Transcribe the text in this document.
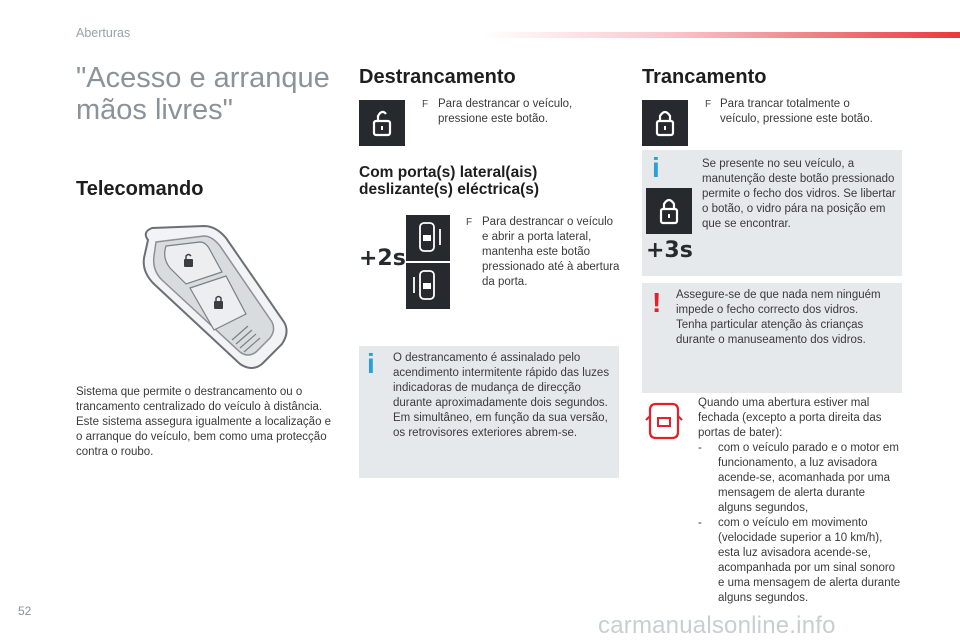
Aberturas
"Acesso e arranque mãos livres"
Telecomando
Sistema que permite o destrancamento ou o trancamento centralizado do veículo à distância.
Este sistema assegura igualmente a localização e o arranque do veículo, bem como uma protecção contra o roubo.
Destrancamento
F Para destrancar o veículo, pressione este botão.
Com porta(s) lateral(ais) deslizante(s) eléctrica(s)
+2s
F Para destrancar o veículo e abrir a porta lateral, mantenha este botão pressionado até à abertura da porta.
i O destrancamento é assinalado pelo acendimento intermitente rápido das luzes indicadoras de mudança de direcção durante aproximadamente dois segundos.
Em simultâneo, em função da sua versão, os retrovisores exteriores abrem-se.
Trancamento
F Para trancar totalmente o veículo, pressione este botão.
i
+3s
Se presente no seu veículo, a manutenção deste botão pressionado permite o fecho dos vidros. Se libertar o botão, o vidro pára na posição em que se encontrar.
! Assegure-se de que nada nem ninguém impede o fecho correcto dos vidros.
Tenha particular atenção às crianças durante o manuseamento dos vidros.
Quando uma abertura estiver mal fechada (excepto a porta direita das portas de bater):
- com o veículo parado e o motor em funcionamento, a luz avisadora acende-se, acomanhada por uma mensagem de alerta durante alguns segundos,
- com o veículo em movimento (velocidade superior a 10 km/h), esta luz avisadora acende-se, acompanhada por um sinal sonoro e uma mensagem de alerta durante alguns segundos.
52
carmanualsonline.info
